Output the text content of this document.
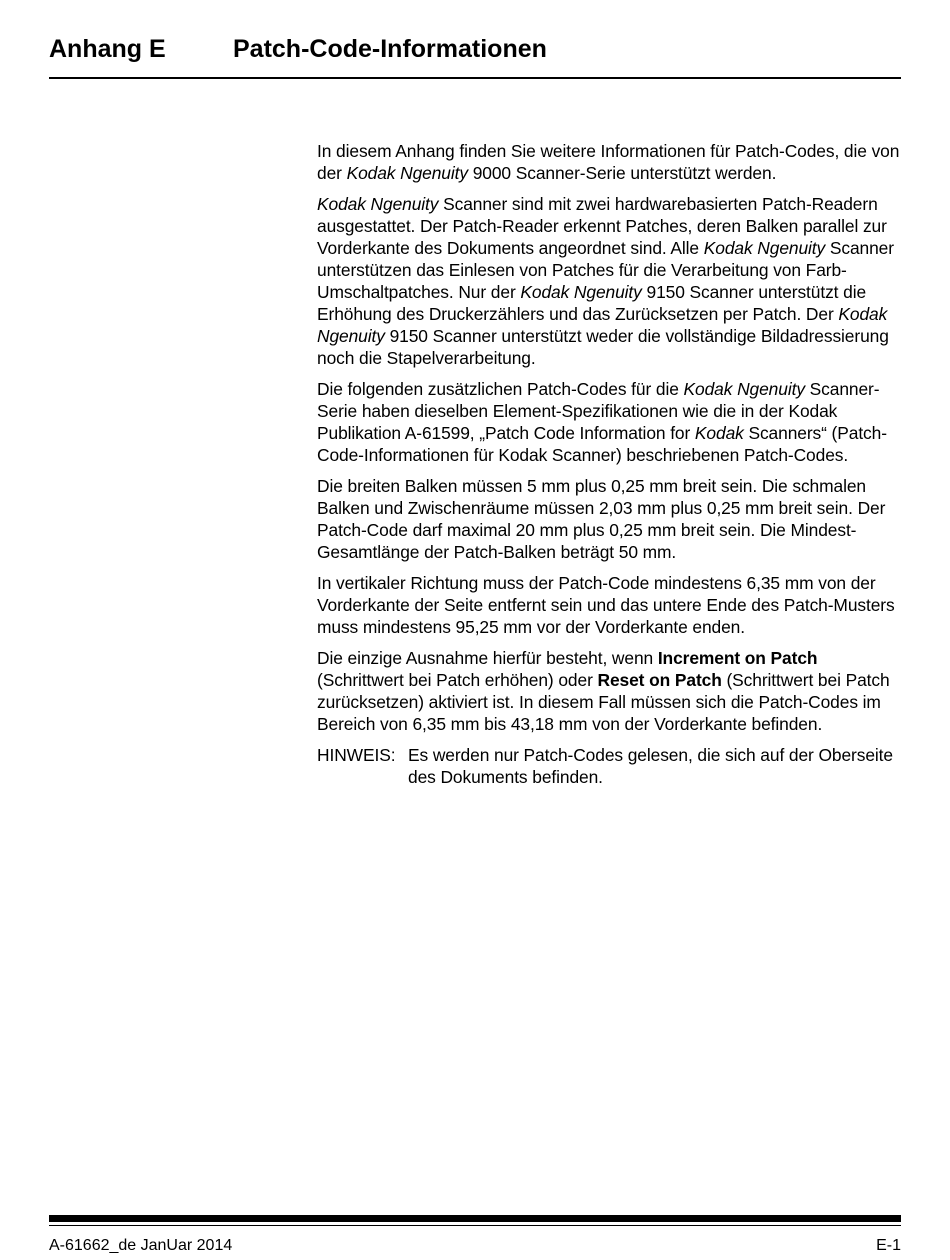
Anhang E	Patch-Code-Informationen

In diesem Anhang finden Sie weitere Informationen für Patch-Codes, die von der Kodak Ngenuity 9000 Scanner-Serie unterstützt werden.

Kodak Ngenuity Scanner sind mit zwei hardwarebasierten Patch-Readern ausgestattet. Der Patch-Reader erkennt Patches, deren Balken parallel zur Vorderkante des Dokuments angeordnet sind. Alle Kodak Ngenuity Scanner unterstützen das Einlesen von Patches für die Verarbeitung von Farb-Umschaltpatches. Nur der Kodak Ngenuity 9150 Scanner unterstützt die Erhöhung des Druckerzählers und das Zurücksetzen per Patch. Der Kodak Ngenuity 9150 Scanner unterstützt weder die vollständige Bildadressierung noch die Stapelverarbeitung.

Die folgenden zusätzlichen Patch-Codes für die Kodak Ngenuity Scanner-Serie haben dieselben Element-Spezifikationen wie die in der Kodak Publikation A-61599, „Patch Code Information for Kodak Scanners“ (Patch-Code-Informationen für Kodak Scanner) beschriebenen Patch-Codes.

Die breiten Balken müssen 5 mm plus 0,25 mm breit sein. Die schmalen Balken und Zwischenräume müssen 2,03 mm plus 0,25 mm breit sein. Der Patch-Code darf maximal 20 mm plus 0,25 mm breit sein. Die Mindest-Gesamtlänge der Patch-Balken beträgt 50 mm.

In vertikaler Richtung muss der Patch-Code mindestens 6,35 mm von der Vorderkante der Seite entfernt sein und das untere Ende des Patch-Musters muss mindestens 95,25 mm vor der Vorderkante enden.

Die einzige Ausnahme hierfür besteht, wenn Increment on Patch (Schrittwert bei Patch erhöhen) oder Reset on Patch (Schrittwert bei Patch zurücksetzen) aktiviert ist. In diesem Fall müssen sich die Patch-Codes im Bereich von 6,35 mm bis 43,18 mm von der Vorderkante befinden.

HINWEIS: Es werden nur Patch-Codes gelesen, die sich auf der Oberseite des Dokuments befinden.
A-61662_de JanUar 2014	E-1
